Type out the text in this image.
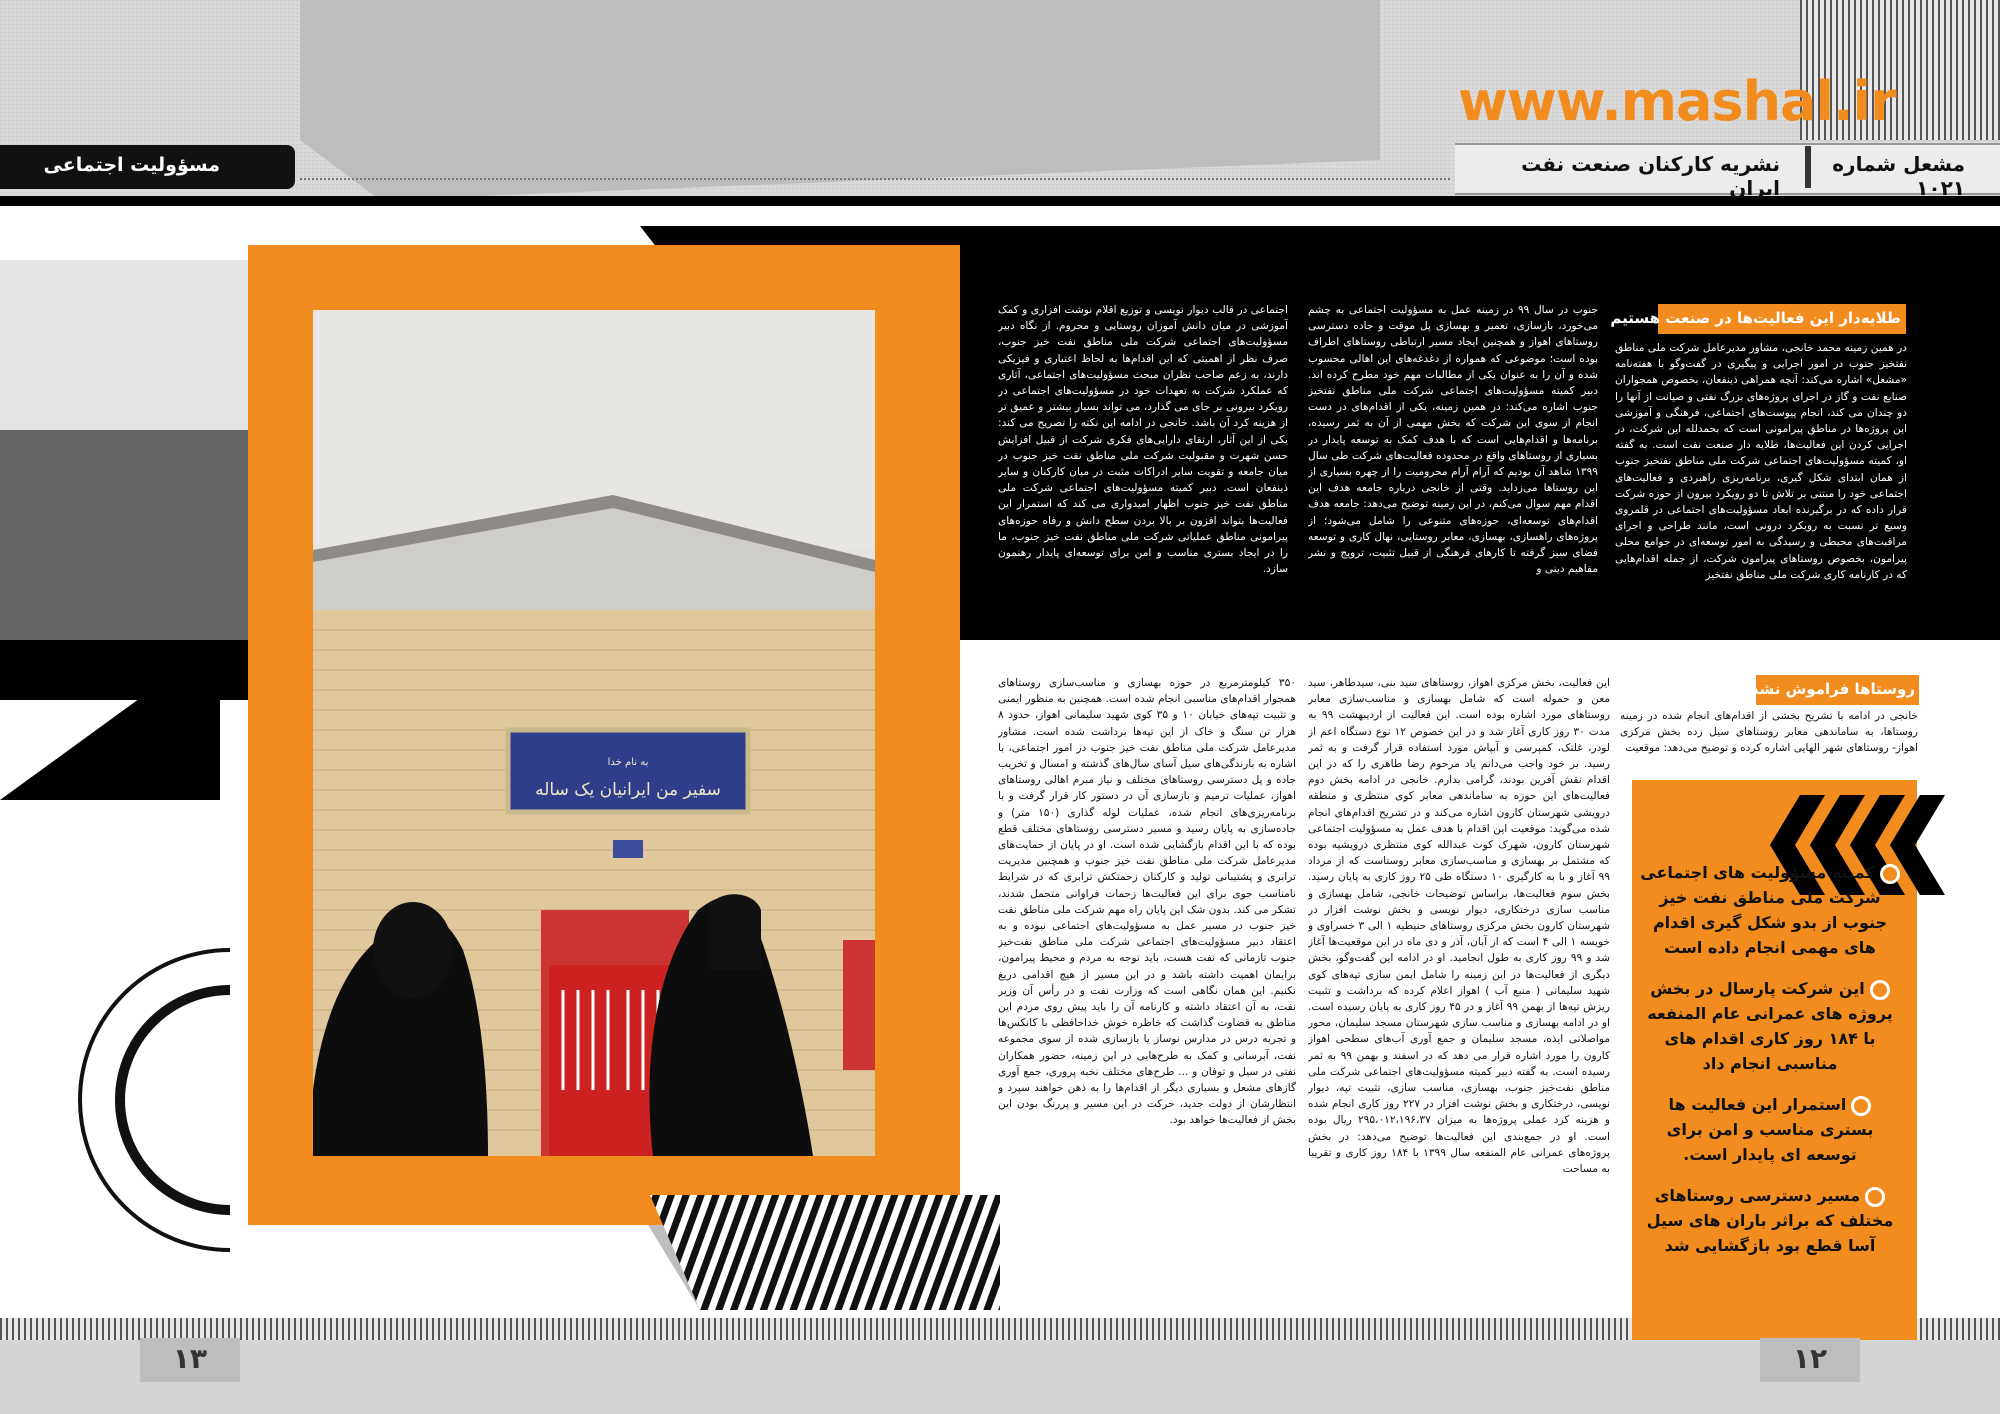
www.mashal.ir
مشعل شماره ۱۰۲۱
نشریه کارکنان صنعت نفت ایران
مسؤولیت اجتماعی
به نام خدا
سفیر من ایرانیان یک ساله
طلایه‌دار این فعالیت‌ها در صنعت هستیم
در همین زمینه محمد خانجی، مشاور مدیرعامل شرکت ملی مناطق نفتخیز جنوب در امور اجرایی و پیگیری در گفت‌وگو با هفته‌نامه «مشعل» اشاره می‌کند: آنچه همراهی ذینفعان، بخصوص همجواران صنایع نفت و گاز در اجرای پروژه‌های بزرگ نفتی و صیانت از آنها را دو چندان می کند، انجام پیوست‌های اجتماعی، فرهنگی و آموزشی این پروژه‌ها در مناطق پیرامونی است که بحمدلله این شرکت، در اجرایی کردن این فعالیت‌ها، طلایه دار صنعت نفت است. به گفته او، کمیته مسؤولیت‌های اجتماعی شرکت ملی مناطق نفتخیز جنوب از همان ابتدای شکل گیری، برنامه‌ریزی راهبردی و فعالیت‌های اجتماعی خود را مبتنی بر تلاش تا دو رویکرد بیرون از حوزه شرکت قرار داده که در برگیرنده ابعاد مسؤولیت‌های اجتماعی در قلمروی وسیع تر نسبت به رویکرد درونی است، مانند طراحی و اجرای مراقبت‌های محیطی و رسیدگی به امور توسعه‌ای در جوامع محلی پیرامون، بخصوص روستاهای پیرامون شرکت، از جمله اقدام‌هایی که در کارنامه کاری شرکت ملی مناطق نفتخیز
جنوب در سال ۹۹ در زمینه عمل به مسؤولیت اجتماعی به چشم می‌خورد، بازسازی، تعمیر و بهسازی پل موقت و جاده دسترسی روستاهای اهواز و همچنین ایجاد مسیر ارتباطی روستاهای اطراف بوده است؛ موضوعی که همواره از دغدغه‌های این اهالی محسوب شده و آن را به عنوان یکی از مطالبات مهم خود مطرح کرده اند. دبیر کمیته مسؤولیت‌های اجتماعی شرکت ملی مناطق نفتخیز جنوب اشاره می‌کند: در همین زمینه، یکی از اقدام‌های در دست انجام از سوی این شرکت که بخش مهمی از آن به ثمر رسیده، برنامه‌ها و اقدام‌هایی است که با هدف کمک به توسعه پایدار در بسیاری از روستاهای واقع در محدوده فعالیت‌های شرکت طی سال ۱۳۹۹ شاهد آن بودیم که آرام آرام محرومیت را از چهره بسیاری از این روستاها می‌زداید. وقتی از خانجی درباره جامعه هدف این اقدام مهم سوال می‌کنم، در این زمینه توضیح می‌دهد: جامعه هدف اقدام‌های توسعه‌ای، حوزه‌های متنوعی را شامل می‌شود؛ از پروژه‌های راهسازی، بهسازی، معابر روستایی، نهال کاری و توسعه فضای سبز گرفته تا کارهای فرهنگی از قبیل تثبیت، ترویج و نشر مفاهیم دینی و
اجتماعی در قالب دیوار نویسی و توزیع اقلام نوشت افزاری و کمک آموزشی در میان دانش آموزان روستایی و محروم. از نگاه دبیر مسؤولیت‌های اجتماعی شرکت ملی مناطق نفت خیز جنوب، صرف نظر از اهمیتی که این اقدام‌ها به لحاظ اعتباری و فیزیکی دارند، به زعم صاحب نظران مبحث مسؤولیت‌های اجتماعی، آثاری که عملکرد شرکت به تعهدات خود در مسؤولیت‌های اجتماعی در رویکرد بیرونی بر جای می گذارد، می تواند بسیار بیشتر و عمیق تر از هزینه کرد آن باشد. خانجی در ادامه این نکته را تصریح می کند: یکی از این آثار، ارتقای دارایی‌های فکری شرکت از قبیل افزایش حسن شهرت و مقبولیت شرکت ملی مناطق نفت خیز جنوب در میان جامعه و تقویت سایر ادراکات مثبت در میان کارکنان و سایر ذینفعان است. دبیر کمیته مسؤولیت‌های اجتماعی شرکت ملی مناطق نفت خیز جنوب اظهار امیدواری می کند که استمرار این فعالیت‌ها بتواند افزون بر بالا بردن سطح دانش و رفاه حوزه‌های پیرامونی مناطق عملیاتی شرکت ملی مناطق نفت خیز جنوب، ما را در ایجاد بستری مناسب و امن برای توسعه‌ای پایدار رهنمون سازد.
روستاها فراموش نشده‌اند
خانجی در ادامه با تشریح بخشی از اقدام‌های انجام شده در زمینه روستاها، به ساماندهی معابر روستاهای سیل زده بخش مرکزی اهواز- روستاهای شهر الهایی اشاره کرده و توضیح می‌دهد: موقعیت
این فعالیت، بخش مرکزی اهواز، روستاهای سید بنی، سیدطاهر، سید معن و حموله است که شامل بهسازی و مناسب‌سازی معابر روستاهای مورد اشاره بوده است. این فعالیت از اردیبهشت ۹۹ به مدت ۳۰ روز کاری آغاز شد و در این خصوص ۱۲ نوع دستگاه اعم از لودر، غلتک، کمپرسی و آبپاش مورد استفاده قرار گرفت و به ثمر رسید. بر خود واجب می‌دانم یاد مرحوم رضا طاهری را که در این اقدام نقش آفرین بودند، گرامی بدارم. خانجی در ادامه بخش دوم فعالیت‌های این حوزه به ساماندهی معابر کوی منتظری و منطقه درویشی شهرستان کارون اشاره می‌کند و در تشریح اقدام‌های انجام شده می‌گوید: موقعیت این اقدام با هدف عمل به مسؤولیت اجتماعی شهرستان کارون، شهرک کوت عبدالله کوی منتظری درویشیه بوده که مشتمل بر بهسازی و مناسب‌سازی معابر روستاست که از مرداد ۹۹ آغاز و با به کارگیری ۱۰ دستگاه طی ۲۵ روز کاری به پایان رسید. بخش سوم فعالیت‌ها، براساس توضیحات خانجی، شامل بهسازی و مناسب سازی درختکاری، دیوار نویسی و بخش نوشت افزار در شهرستان کارون بخش مرکزی روستاهای حنیطیه ۱ الی ۳ خسراوی و خویسه ۱ الی ۴ است که از آبان، آذر و دی ماه در این موقعیت‌ها آغاز شد و ۹۹ روز کاری به طول انجامید. او در ادامه این گفت‌وگو، بخش دیگری از فعالیت‌ها در این زمینه را شامل ایمن سازی تپه‌های کوی شهید سلیمانی ( منبع آب ) اهواز اعلام کرده که برداشت و تثبیت ریزش تپه‌ها از بهمن ۹۹ آغاز و در ۴۵ روز کاری به پایان رسیده است. او در ادامه بهسازی و مناسب سازی شهرستان مسجد سلیمان، محور مواصلاتی ایذه، مسجد سلیمان و جمع آوری آب‌های سطحی اهواز کارون را مورد اشاره قرار می دهد که در اسفند و بهمن ۹۹ به ثمر رسیده است. به گفته دبیر کمیته مسؤولیت‌های اجتماعی شرکت ملی مناطق نفت‌خیز جنوب، بهسازی، مناسب سازی، تثبیت تپه، دیوار نویسی، درختکاری و بخش نوشت افزار در ۲۲۷ روز کاری انجام شده و هزینه کرد عملی پروژه‌ها به میزان ۲۹۵،۰۱۲،۱۹۶،۳۷ ریال بوده است. او در جمع‌بندی این فعالیت‌ها توضیح می‌دهد: در بخش پروژه‌های عمرانی عام المنفعه سال ۱۳۹۹ با ۱۸۴ روز کاری و تقریبا به مساحت
۳۵۰ کیلومترمربع در حوزه بهسازی و مناسب‌سازی روستاهای همجوار اقدام‌های مناسبی انجام شده است. همچنین به منظور ایمنی و تثبیت تپه‌های خیابان ۱۰ و ۳۵ کوی شهید سلیمانی اهواز، حدود ۸ هزار تن سنگ و خاک از این تپه‌ها برداشت شده است. مشاور مدیرعامل شرکت ملی مناطق نفت خیز جنوب در امور اجتماعی، با اشاره به بارندگی‌های سیل آسای سال‌های گذشته و امسال و تخریب جاده و پل دسترسی روستاهای مختلف و نیاز مبرم اهالی روستاهای اهواز، عملیات ترمیم و بازسازی آن در دستور کار قرار گرفت و با برنامه‌ریزی‌های انجام شده، عملیات لوله گذاری (۱۵۰ متر) و جاده‌سازی به پایان رسید و مسیر دسترسی روستاهای مختلف قطع بوده که با این اقدام بازگشایی شده است. او در پایان از حمایت‌های مدیرعامل شرکت ملی مناطق نفت خیز جنوب و همچنین مدیریت ترابری و پشتیبانی تولید و کارکنان زحمتکش ترابری که در شرایط نامناسب جوی برای این فعالیت‌ها زحمات فراوانی متحمل شدند، تشکر می کند. بدون شک این پایان راه مهم شرکت ملی مناطق نفت خیز جنوب در مسیر عمل به مسؤولیت‌های اجتماعی نبوده و به اعتقاد دبیر مسؤولیت‌های اجتماعی شرکت ملی مناطق نفت‌خیز جنوب تازمانی که نفت هست، باید توجه به مردم و محیط پیرامون، برایمان اهمیت داشته باشد و در این مسیر از هیچ اقدامی دریغ نکنیم. این همان نگاهی است که وزارت نفت و در رأس آن وزیر نفت، به آن اعتقاد داشته و کارنامه آن را باید پیش روی مردم این مناطق به قضاوت گذاشت که خاطره خوش خداحافظی با کانکس‌ها و تجربه درس در مدارس نوساز یا بازسازی شده از سوی مجموعه نفت، آبرسانی و کمک به طرح‌هایی در این زمینه، حضور همکاران نفتی در سیل و توفان و ... طرح‌های مختلف نخبه پروری، جمع آوری گازهای مشعل و بسیاری دیگر از اقدام‌ها را به ذهن خواهند سپرد و انتظارشان از دولت جدید، حرکت در این مسیر و پررنگ بودن این بخش از فعالیت‌ها خواهد بود.
کمیته مسؤولیت های اجتماعی شرکت ملی مناطق نفت خیز جنوب از بدو شکل گیری اقدام های مهمی انجام داده است
این شرکت پارسال در بخش پروژه های عمرانی عام المنفعه با ۱۸۴ روز کاری اقدام های مناسبی انجام داد
استمرار این فعالیت ها بستری مناسب و امن برای توسعه ای پایدار است.
مسیر دسترسی روستاهای مختلف که براثر باران های سیل آسا قطع بود بازگشایی شد
۱۳	۱۲
